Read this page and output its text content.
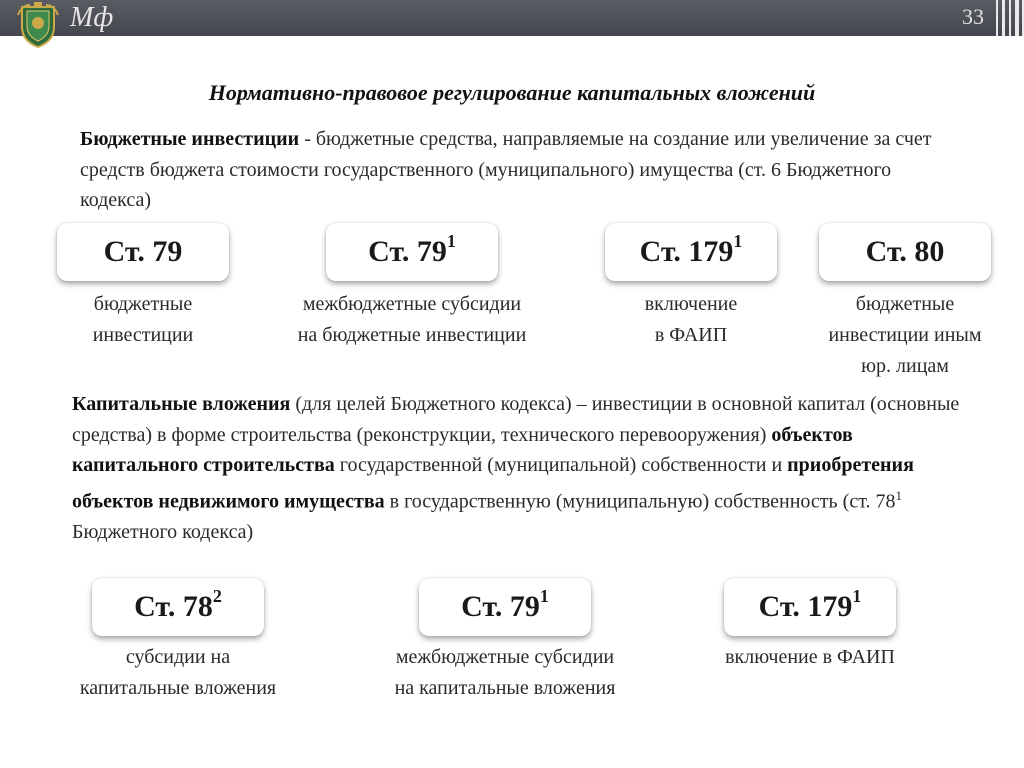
Мф	33
Нормативно-правовое регулирование капитальных вложений
Бюджетные инвестиции - бюджетные средства, направляемые на создание или увеличение за счет средств бюджета стоимости государственного (муниципального) имущества (ст. 6 Бюджетного кодекса)
Ст. 79	Ст. $79^1$	Ст. $179^1$	Ст. 80
бюджетные
инвестиции
межбюджетные субсидии
на бюджетные инвестиции
включение
в ФАИП
бюджетные
инвестиции иным
юр. лицам
Капитальные вложения (для целей Бюджетного кодекса) – инвестиции в основной капитал (основные средства) в форме строительства (реконструкции, технического перевооружения) объектов капитального строительства государственной (муниципальной) собственности и приобретения объектов недвижимого имущества в государственную (муниципальную) собственность (ст. $78^1$ Бюджетного кодекса)
Ст. $78^2$	Ст. $79^1$	Ст. $179^1$
субсидии на
капитальные вложения
межбюджетные субсидии
на капитальные вложения
включение в ФАИП
